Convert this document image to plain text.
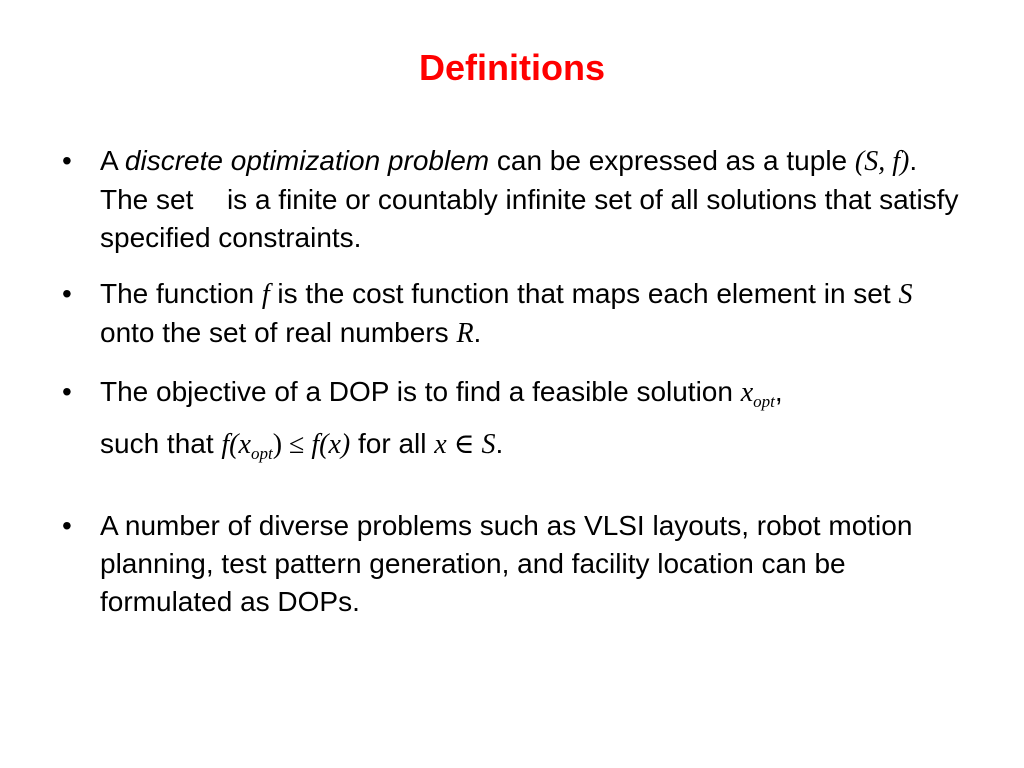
Definitions
•	A discrete optimization problem can be expressed as a tuple (S, f). The set  is a finite or countably infinite set of all solutions that satisfy specified constraints.
•	The function f is the cost function that maps each element in set S onto the set of real numbers R.
•	The objective of a DOP is to find a feasible solution $x_{opt}$,
such that $f(x_{opt}) \le f(x)$ for all x ∈ S.
•	A number of diverse problems such as VLSI layouts, robot motion planning, test pattern generation, and facility location can be formulated as DOPs.
